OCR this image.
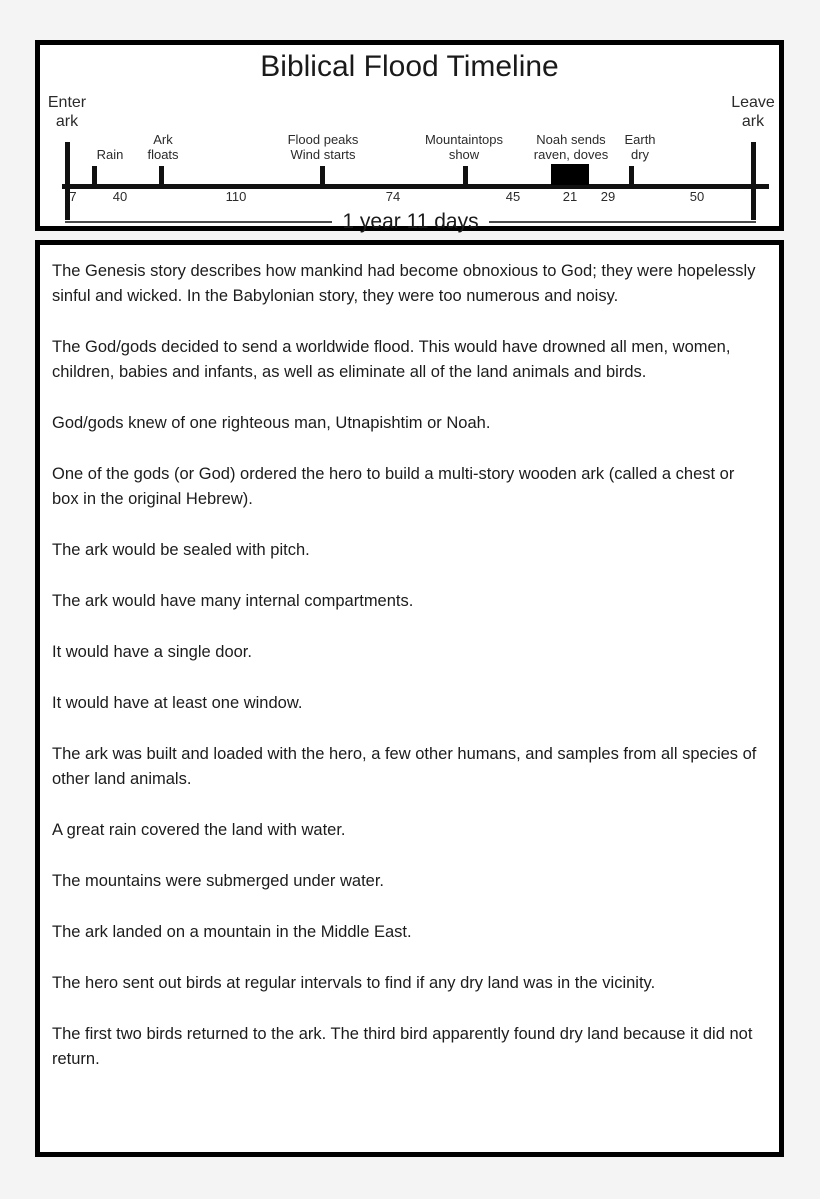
Biblical Flood Timeline
Enter
ark
Leave
ark
Rain
Ark
floats
Flood peaks
Wind starts
Mountaintops
show
Noah sends
raven, doves
Earth
dry
7	40	110	74	45	21 29	50
1 year 11 days

The Genesis story describes how mankind had become obnoxious to God; they were hopelessly sinful and wicked. In the Babylonian story, they were too numerous and noisy.

The God/gods decided to send a worldwide flood. This would have drowned all men, women, children, babies and infants, as well as eliminate all of the land animals and birds.

God/gods knew of one righteous man, Utnapishtim or Noah.

One of the gods (or God) ordered the hero to build a multi-story wooden ark (called a chest or box in the original Hebrew).

The ark would be sealed with pitch.

The ark would have many internal compartments.

It would have a single door.

It would have at least one window.

The ark was built and loaded with the hero, a few other humans, and samples from all species of other land animals.

A great rain covered the land with water.

The mountains were submerged under water.

The ark landed on a mountain in the Middle East.

The hero sent out birds at regular intervals to find if any dry land was in the vicinity.

The first two birds returned to the ark. The third bird apparently found dry land because it did not return.
